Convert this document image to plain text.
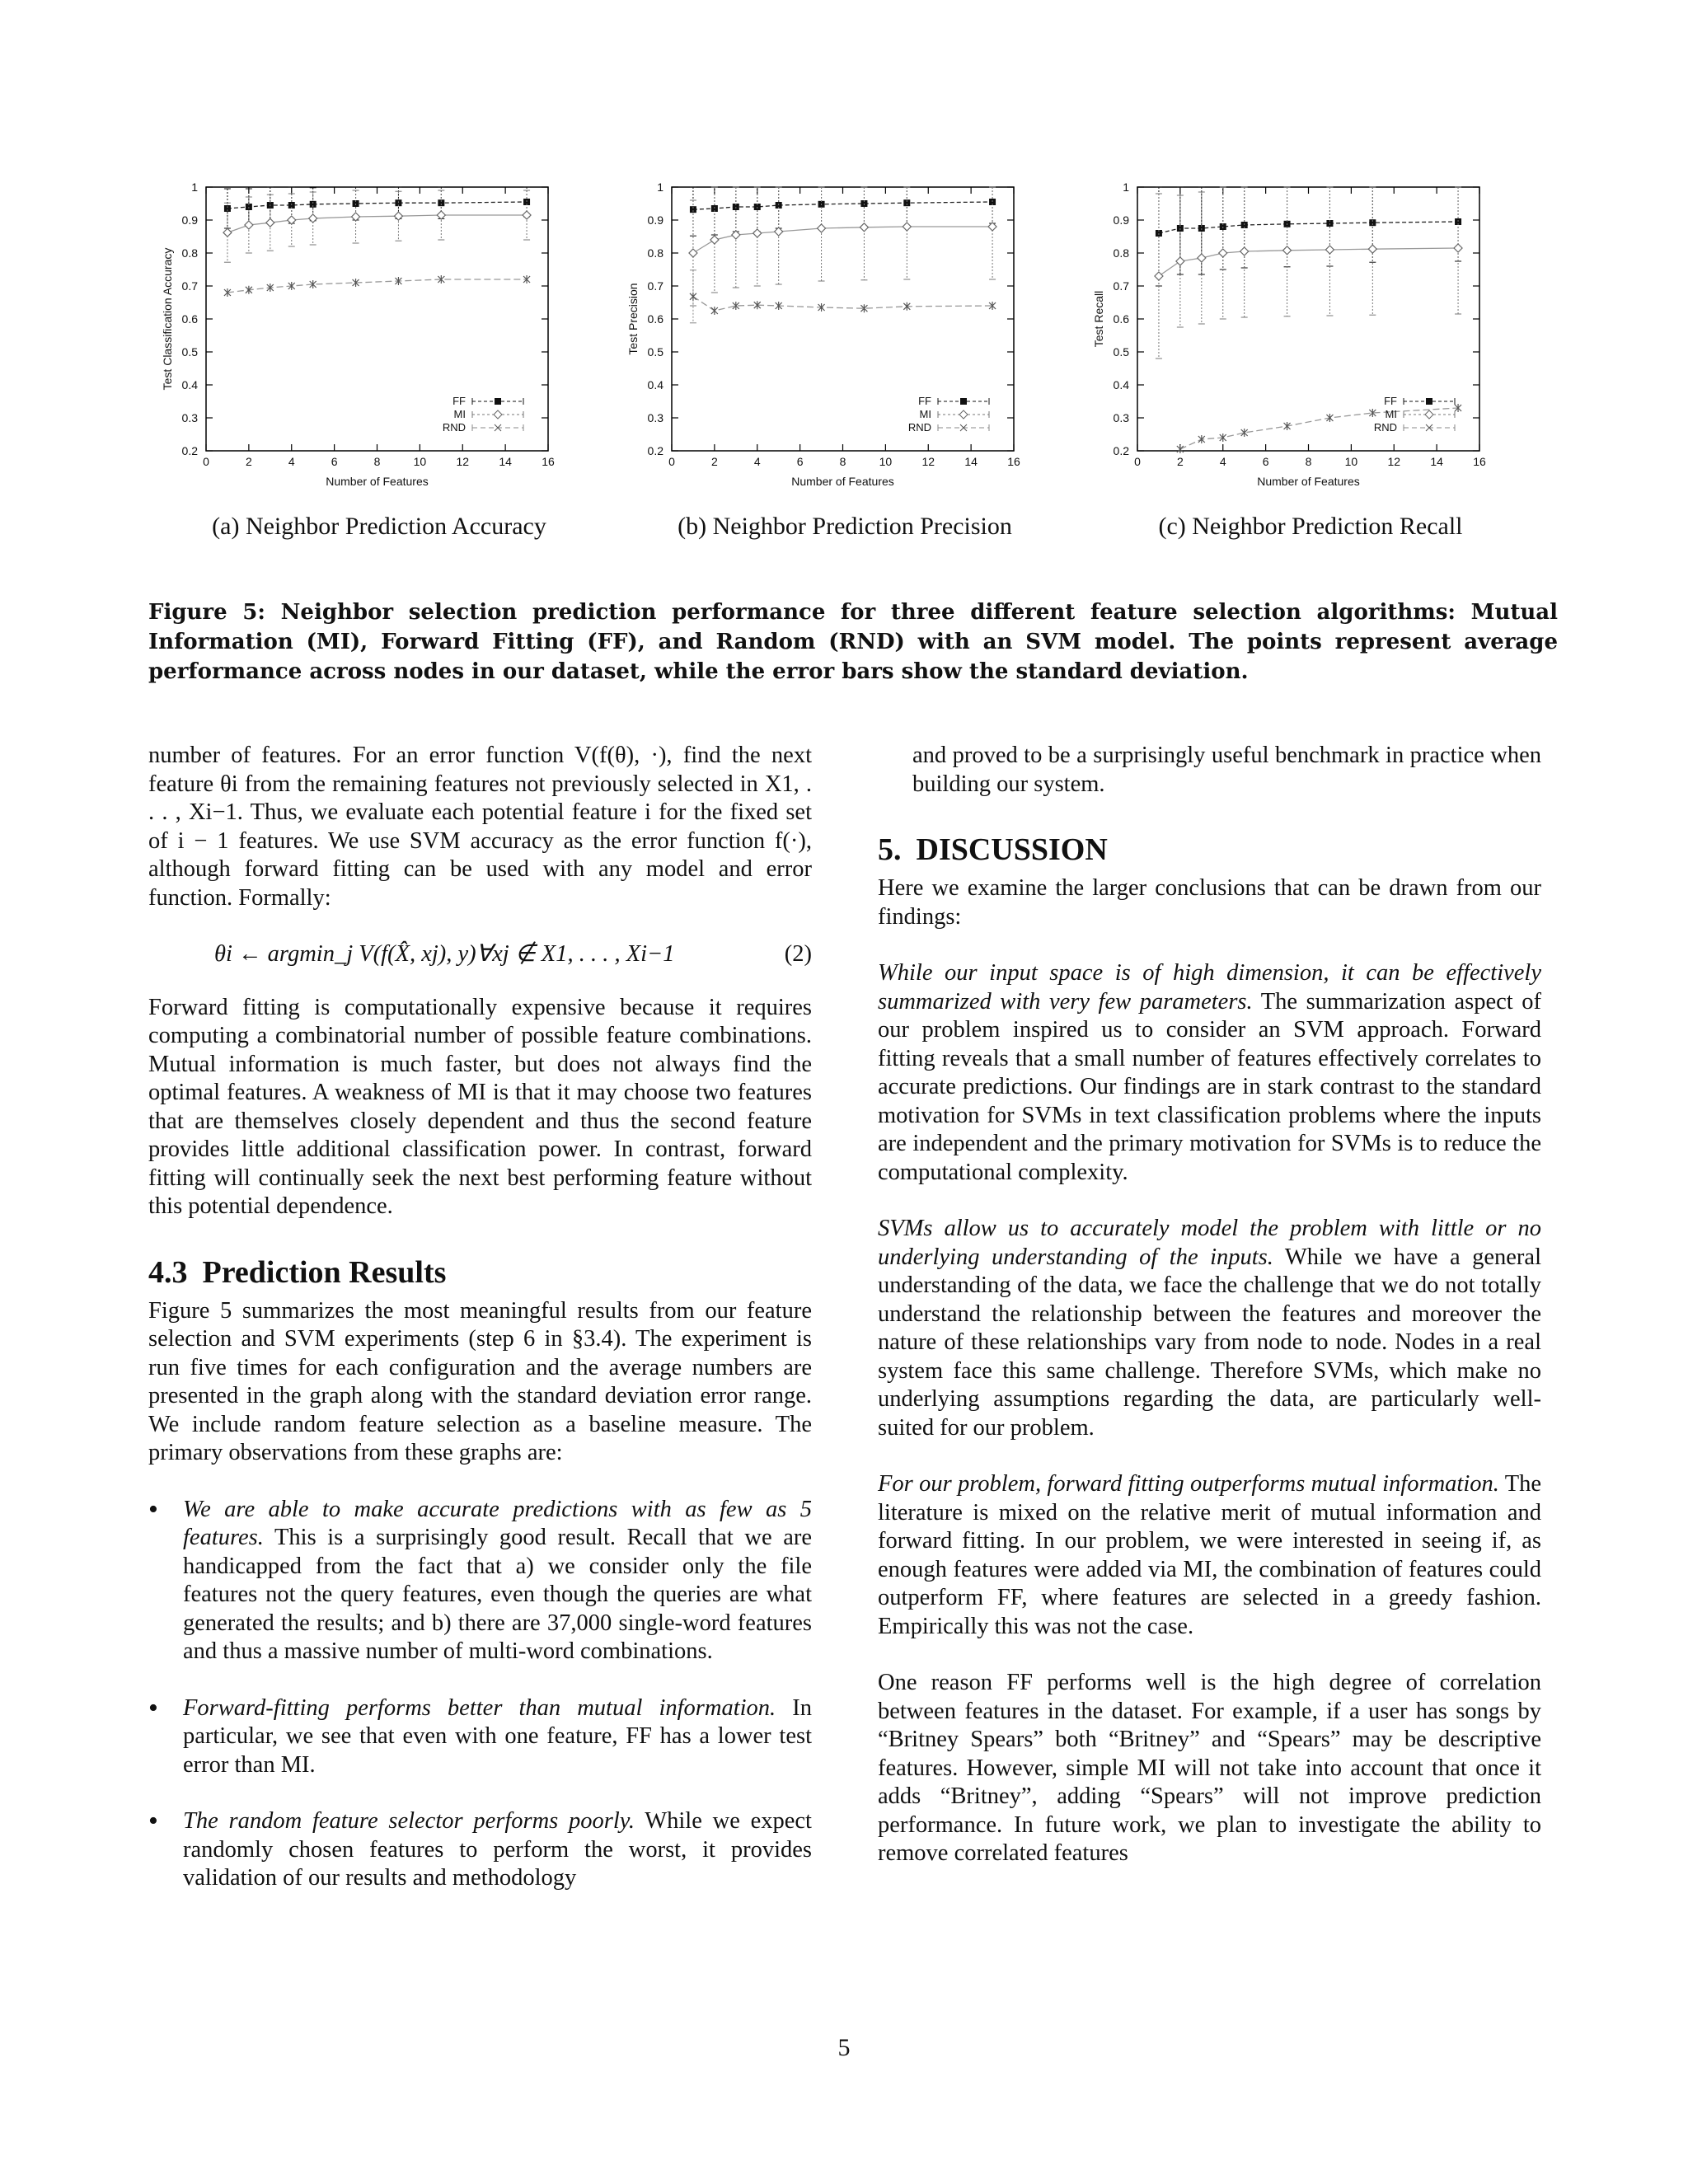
0.2
0.3
0.4
0.5
0.6
0.7
0.8
0.9
1
0	2	4	6	8	10	12	14	16
Number of Features
Test Classification Accuracy
FF
MI
RND
(a) Neighbor Prediction Accuracy
0.2
0.3
0.4
0.5
0.6
0.7
0.8
0.9
1
0	2	4	6	8	10	12	14	16
Number of Features
Test Precision
FF
MI
RND
(b) Neighbor Prediction Precision
0.2
0.3
0.4
0.5
0.6
0.7
0.8
0.9
1
0	2	4	6	8	10	12	14	16
Number of Features
Test Recall
FF
MI
RND
(c) Neighbor Prediction Recall
Figure 5: Neighbor selection prediction performance for three different feature selection algorithms: Mutual Information (MI), Forward Fitting (FF), and Random (RND) with an SVM model. The points represent average performance across nodes in our dataset, while the error bars show the standard deviation.

number of features. For an error function V(f(θ), ·), find the next feature θi from the remaining features not previously selected in X1, . . . , Xi−1. Thus, we evaluate each potential feature i for the fixed set of i − 1 features. We use SVM accuracy as the error function f(·), although forward fitting can be used with any model and error function. Formally:

θi ← argmin_j V(f(X̂, xj), y)∀xj ∉ X1, . . . , Xi−1	(2)

Forward fitting is computationally expensive because it requires computing a combinatorial number of possible feature combinations. Mutual information is much faster, but does not always find the optimal features. A weakness of MI is that it may choose two features that are themselves closely dependent and thus the second feature provides little additional classification power. In contrast, forward fitting will continually seek the next best performing feature without this potential dependence.

4.3 Prediction Results

Figure 5 summarizes the most meaningful results from our feature selection and SVM experiments (step 6 in §3.4). The experiment is run five times for each configuration and the average numbers are presented in the graph along with the standard deviation error range. We include random feature selection as a baseline measure. The primary observations from these graphs are:

• We are able to make accurate predictions with as few as 5 features. This is a surprisingly good result. Recall that we are handicapped from the fact that a) we consider only the file features not the query features, even though the queries are what generated the results; and b) there are 37,000 single-word features and thus a massive number of multi-word combinations.
• Forward-fitting performs better than mutual information. In particular, we see that even with one feature, FF has a lower test error than MI.
• The random feature selector performs poorly. While we expect randomly chosen features to perform the worst, it provides validation of our results and methodology

and proved to be a surprisingly useful benchmark in practice when building our system.

5. DISCUSSION

Here we examine the larger conclusions that can be drawn from our findings:

While our input space is of high dimension, it can be effectively summarized with very few parameters. The summarization aspect of our problem inspired us to consider an SVM approach. Forward fitting reveals that a small number of features effectively correlates to accurate predictions. Our findings are in stark contrast to the standard motivation for SVMs in text classification problems where the inputs are independent and the primary motivation for SVMs is to reduce the computational complexity.

SVMs allow us to accurately model the problem with little or no underlying understanding of the inputs. While we have a general understanding of the data, we face the challenge that we do not totally understand the relationship between the features and moreover the nature of these relationships vary from node to node. Nodes in a real system face this same challenge. Therefore SVMs, which make no underlying assumptions regarding the data, are particularly well-suited for our problem.

For our problem, forward fitting outperforms mutual information. The literature is mixed on the relative merit of mutual information and forward fitting. In our problem, we were interested in seeing if, as enough features were added via MI, the combination of features could outperform FF, where features are selected in a greedy fashion. Empirically this was not the case.

One reason FF performs well is the high degree of correlation between features in the dataset. For example, if a user has songs by “Britney Spears” both “Britney” and “Spears” may be descriptive features. However, simple MI will not take into account that once it adds “Britney”, adding “Spears” will not improve prediction performance. In future work, we plan to investigate the ability to remove correlated features

5
